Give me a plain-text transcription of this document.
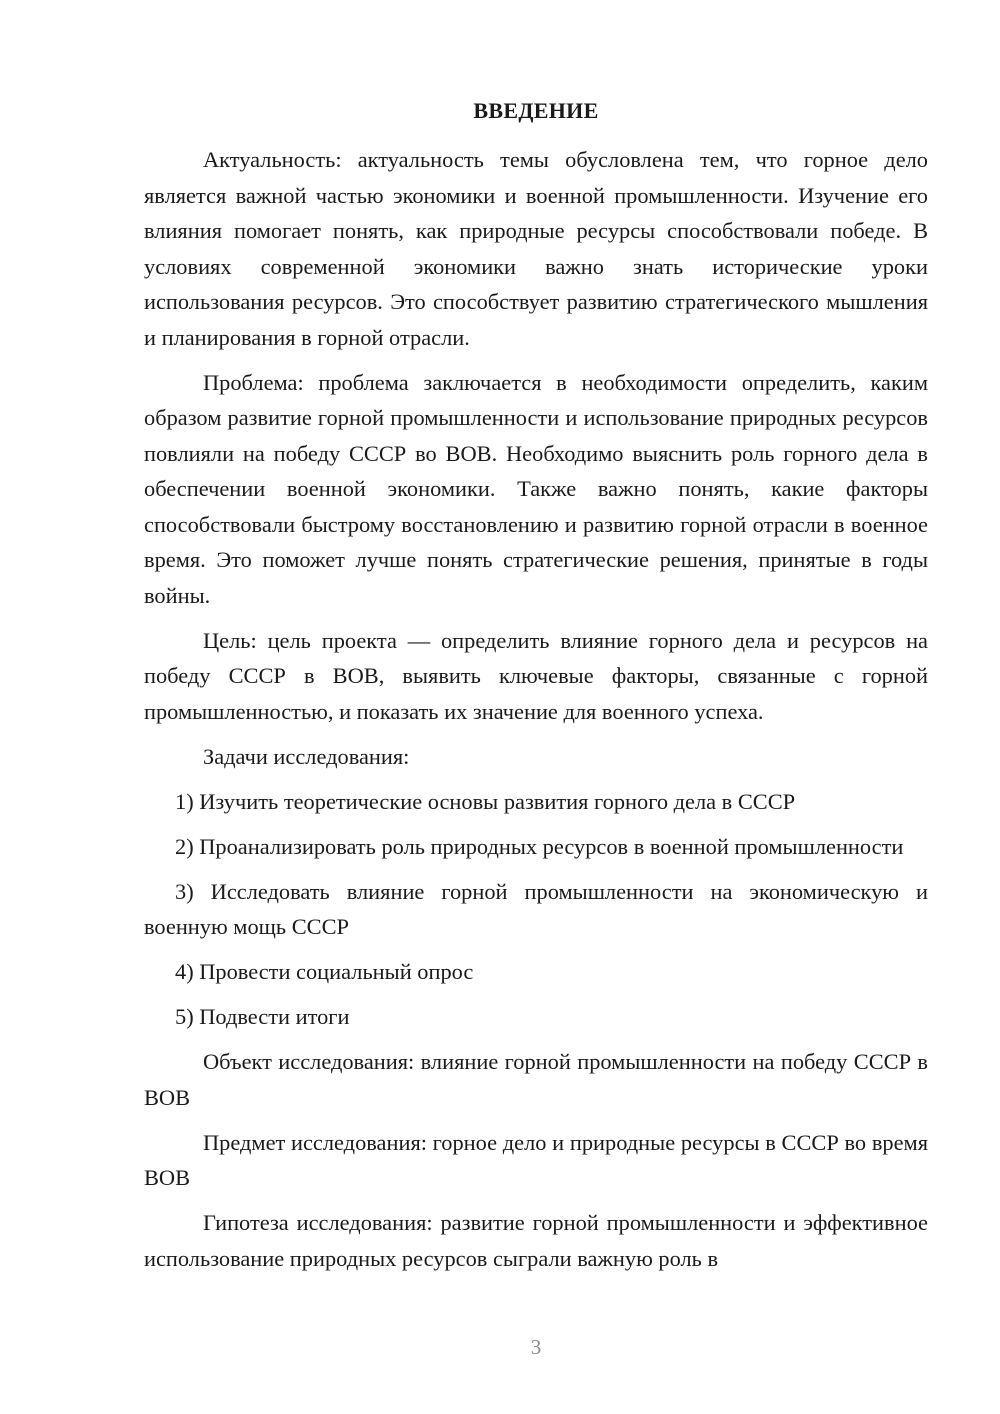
ВВЕДЕНИЕ

Актуальность: актуальность темы обусловлена тем, что горное дело является важной частью экономики и военной промышленности. Изучение его влияния помогает понять, как природные ресурсы способствовали победе. В условиях современной экономики важно знать исторические уроки использования ресурсов. Это способствует развитию стратегического мышления и планирования в горной отрасли.

Проблема: проблема заключается в необходимости определить, каким образом развитие горной промышленности и использование природных ресурсов повлияли на победу СССР во ВОВ. Необходимо выяснить роль горного дела в обеспечении военной экономики. Также важно понять, какие факторы способствовали быстрому восстановлению и развитию горной отрасли в военное время. Это поможет лучше понять стратегические решения, принятые в годы войны.

Цель: цель проекта — определить влияние горного дела и ресурсов на победу СССР в ВОВ, выявить ключевые факторы, связанные с горной промышленностью, и показать их значение для военного успеха.

Задачи исследования:

1) Изучить теоретические основы развития горного дела в СССР

2) Проанализировать роль природных ресурсов в военной промышленности

3) Исследовать влияние горной промышленности на экономическую и военную мощь СССР

4) Провести социальный опрос

5) Подвести итоги

Объект исследования: влияние горной промышленности на победу СССР в ВОВ

Предмет исследования: горное дело и природные ресурсы в СССР во время ВОВ

Гипотеза исследования: развитие горной промышленности и эффективное использование природных ресурсов сыграли важную роль в

3
